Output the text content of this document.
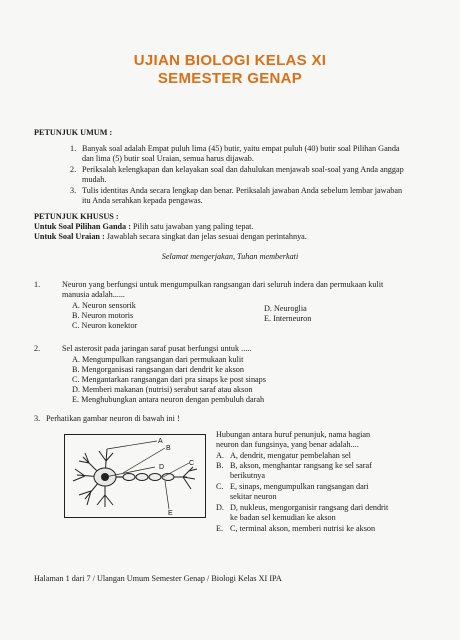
UJIAN BIOLOGI KELAS XI
SEMESTER GENAP
PETUNJUK UMUM :
1. Banyak soal adalah Empat puluh lima (45) butir, yaitu empat puluh (40) butir soal Pilihan Ganda
dan lima (5) butir soal Uraian, semua harus dijawab.
2. Periksalah kelengkapan dan kelayakan soal dan dahulukan menjawab soal-soal yang Anda anggap
mudah.
3. Tulis identitas Anda secara lengkap dan benar. Periksalah jawaban Anda sebelum lembar jawaban
itu Anda serahkan kepada pengawas.
PETUNJUK KHUSUS :
Untuk Soal Pilihan Ganda : Pilih satu jawaban yang paling tepat.
Untuk Soal Uraian : Jawablah secara singkat dan jelas sesuai dengan perintahnya.
Selamat mengerjakan, Tuhan memberkati
1.	Neuron yang berfungsi untuk mengumpulkan rangsangan dari seluruh indera dan permukaan kulit
manusia adalah......
A. Neuron sensorik
B. Neuron motoris
C. Neuron konektor
D. Neuroglia
E. Interneuron
2.	Sel asterosit pada jaringan saraf pusat berfungsi untuk .....
A. Mengumpulkan rangsangan dari permukaan kulit
B. Mengorganisasi rangsangan dari dendrit ke akson
C. Mengantarkan rangsangan dari pra sinaps ke post sinaps
D. Memberi makanan (nutrisi) serabut saraf atau akson
E. Menghubungkan antara neuron dengan pembuluh darah
3. Perhatikan gambar neuron di bawah ini !
A
B
C
D
E
Hubungan antara huruf penunjuk, nama bagian
neuron dan fungsinya, yang benar adalah....
A. A, dendrit, mengatur pembelahan sel
B. B, akson, menghantar rangsang ke sel saraf
berikutnya
C. E, sinaps, mengumpulkan rangsangan dari
sekitar neuron
D. D, nukleus, mengorganisir rangsang dari dendrit
ke badan sel kemudian ke akson
E. C, terminal akson, memberi nutrisi ke akson
Halaman 1 dari 7 / Ulangan Umum Semester Genap / Biologi Kelas XI IPA
